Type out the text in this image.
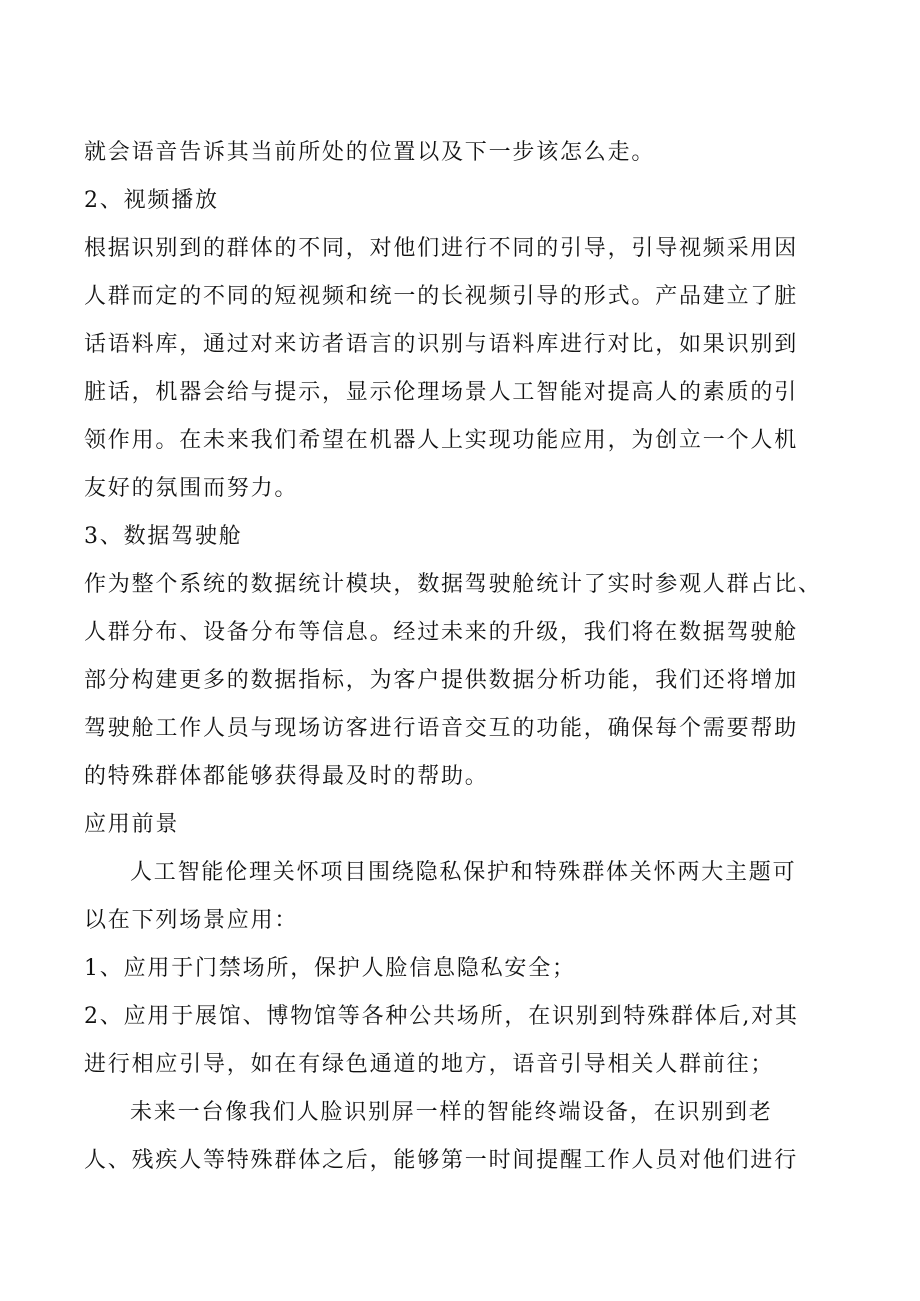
就会语音告诉其当前所处的位置以及下一步该怎么走。
2、视频播放
根据识别到的群体的不同，对他们进行不同的引导，引导视频采用因
人群而定的不同的短视频和统一的长视频引导的形式。产品建立了脏
话语料库，通过对来访者语言的识别与语料库进行对比，如果识别到
脏话，机器会给与提示，显示伦理场景人工智能对提高人的素质的引
领作用。在未来我们希望在机器人上实现功能应用，为创立一个人机
友好的氛围而努力。
3、数据驾驶舱
作为整个系统的数据统计模块，数据驾驶舱统计了实时参观人群占比、
人群分布、设备分布等信息。经过未来的升级，我们将在数据驾驶舱
部分构建更多的数据指标，为客户提供数据分析功能，我们还将增加
驾驶舱工作人员与现场访客进行语音交互的功能，确保每个需要帮助
的特殊群体都能够获得最及时的帮助。
应用前景
人工智能伦理关怀项目围绕隐私保护和特殊群体关怀两大主题可
以在下列场景应用：
1、应用于门禁场所，保护人脸信息隐私安全；
2、应用于展馆、博物馆等各种公共场所，在识别到特殊群体后,对其
进行相应引导，如在有绿色通道的地方，语音引导相关人群前往；
未来一台像我们人脸识别屏一样的智能终端设备，在识别到老
人、残疾人等特殊群体之后，能够第一时间提醒工作人员对他们进行
